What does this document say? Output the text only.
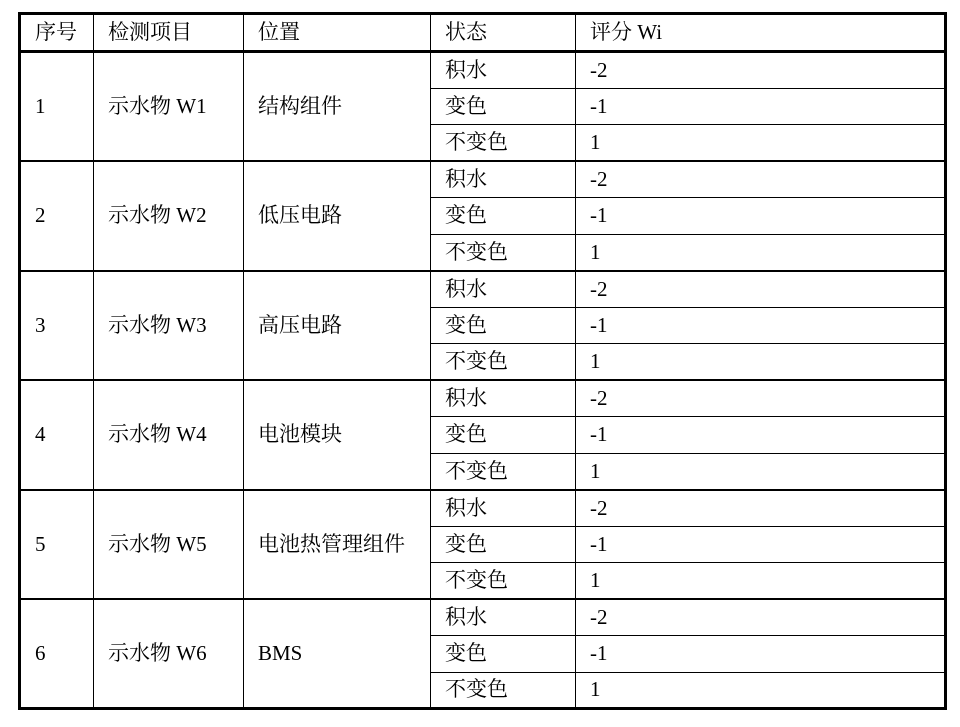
序号	检测项目	位置	状态	评分 Wi
1	示水物 W1	结构组件	积水	-2
			变色	-1
			不变色	1
2	示水物 W2	低压电路	积水	-2
			变色	-1
			不变色	1
3	示水物 W3	高压电路	积水	-2
			变色	-1
			不变色	1
4	示水物 W4	电池模块	积水	-2
			变色	-1
			不变色	1
5	示水物 W5	电池热管理组件	积水	-2
			变色	-1
			不变色	1
6	示水物 W6	BMS	积水	-2
			变色	-1
			不变色	1
